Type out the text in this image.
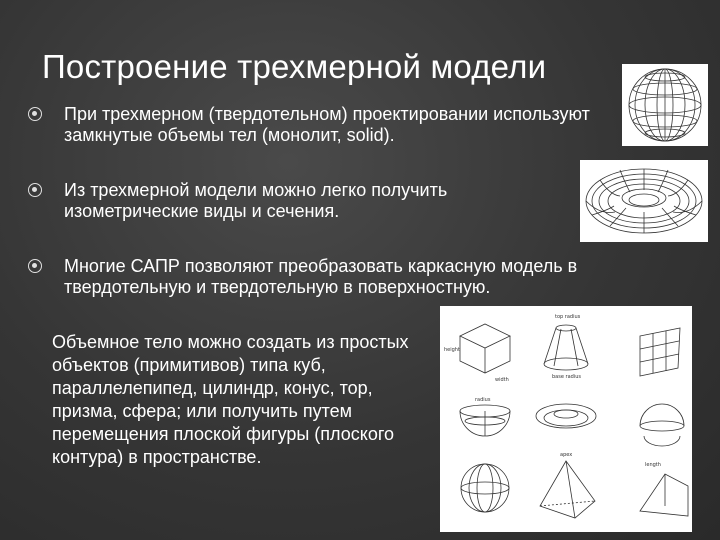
Построение трехмерной модели
При трехмерном (твердотельном) проектировании используют замкнутые объемы тел (монолит, solid).
Из трехмерной модели можно легко получить изометрические виды и сечения.
Многие САПР позволяют преобразовать каркасную модель в твердотельную и твердотельную в поверхностную.
Объемное тело можно создать из простых объектов (примитивов) типа куб, параллелепипед, цилиндр, конус, тор, призма, сфера; или получить путем перемещения плоской фигуры (плоского контура) в пространстве.
height
top radius
base radius
radius
apex
length
width
